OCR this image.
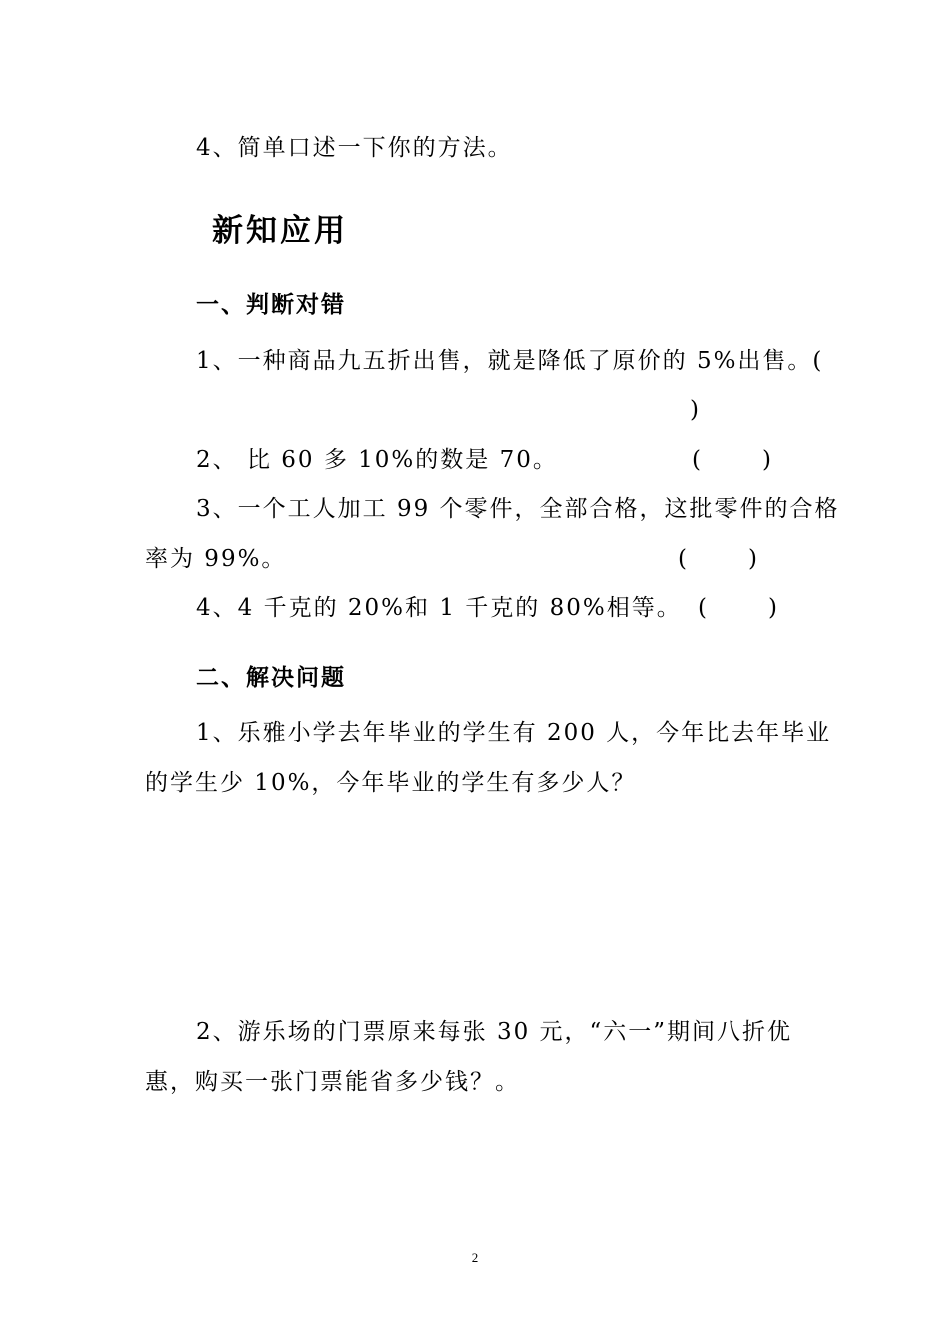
4、简单口述一下你的方法。
新知应用
一、判断对错
1、一种商品九五折出售，就是降低了原价的 5%出售。(
)
2、 比 60 多 10%的数是 70。	(	)
3、一个工人加工 99 个零件，全部合格，这批零件的合格
率为 99%。	(	)
4、4 千克的 20%和 1 千克的 80%相等。 (	)
二、解决问题
1、乐雅小学去年毕业的学生有 200 人，今年比去年毕业
的学生少 10%，今年毕业的学生有多少人？
2、游乐场的门票原来每张 30 元，“六一”期间八折优
惠，购买一张门票能省多少钱？。
2
